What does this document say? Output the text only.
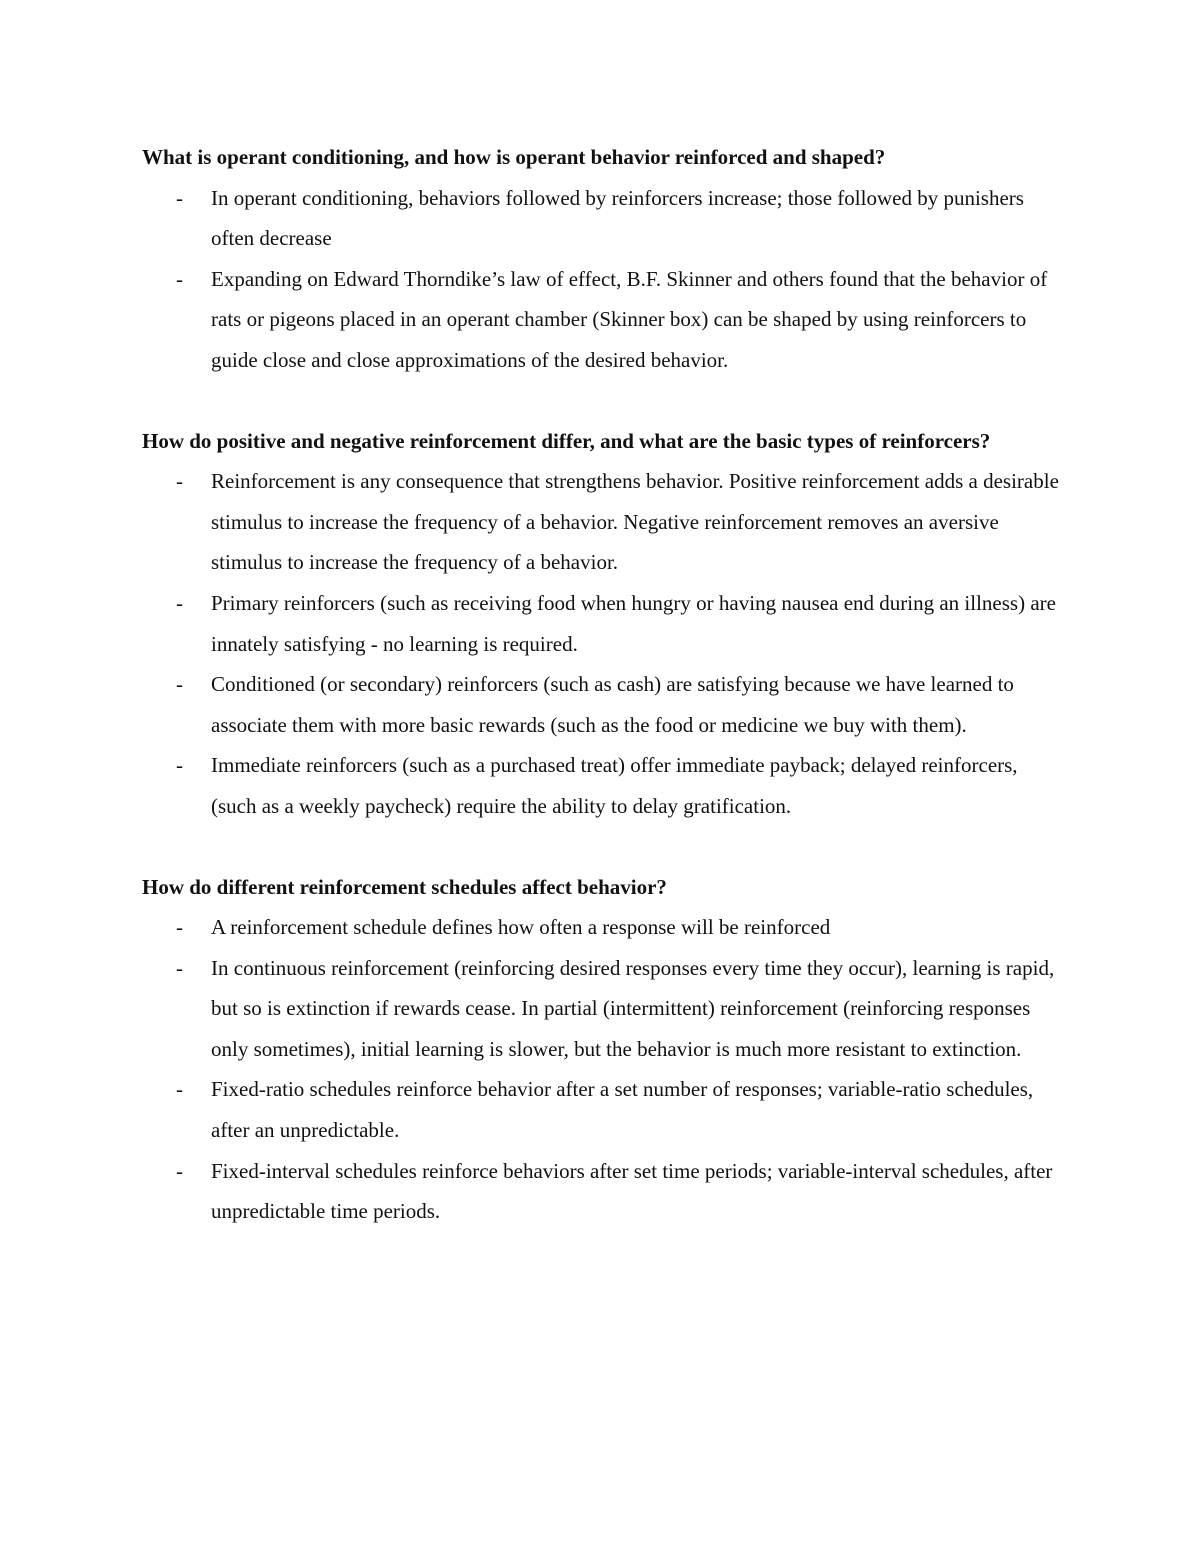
What is operant conditioning, and how is operant behavior reinforced and shaped?

- In operant conditioning, behaviors followed by reinforcers increase; those followed by punishers often decrease
- Expanding on Edward Thorndike’s law of effect, B.F. Skinner and others found that the behavior of rats or pigeons placed in an operant chamber (Skinner box) can be shaped by using reinforcers to guide close and close approximations of the desired behavior.

How do positive and negative reinforcement differ, and what are the basic types of reinforcers?

- Reinforcement is any consequence that strengthens behavior. Positive reinforcement adds a desirable stimulus to increase the frequency of a behavior. Negative reinforcement removes an aversive stimulus to increase the frequency of a behavior.
- Primary reinforcers (such as receiving food when hungry or having nausea end during an illness) are innately satisfying - no learning is required.
- Conditioned (or secondary) reinforcers (such as cash) are satisfying because we have learned to associate them with more basic rewards (such as the food or medicine we buy with them).
- Immediate reinforcers (such as a purchased treat) offer immediate payback; delayed reinforcers, (such as a weekly paycheck) require the ability to delay gratification.

How do different reinforcement schedules affect behavior?

- A reinforcement schedule defines how often a response will be reinforced
- In continuous reinforcement (reinforcing desired responses every time they occur), learning is rapid, but so is extinction if rewards cease. In partial (intermittent) reinforcement (reinforcing responses only sometimes), initial learning is slower, but the behavior is much more resistant to extinction.
- Fixed-ratio schedules reinforce behavior after a set number of responses; variable-ratio schedules, after an unpredictable.
- Fixed-interval schedules reinforce behaviors after set time periods; variable-interval schedules, after unpredictable time periods.
